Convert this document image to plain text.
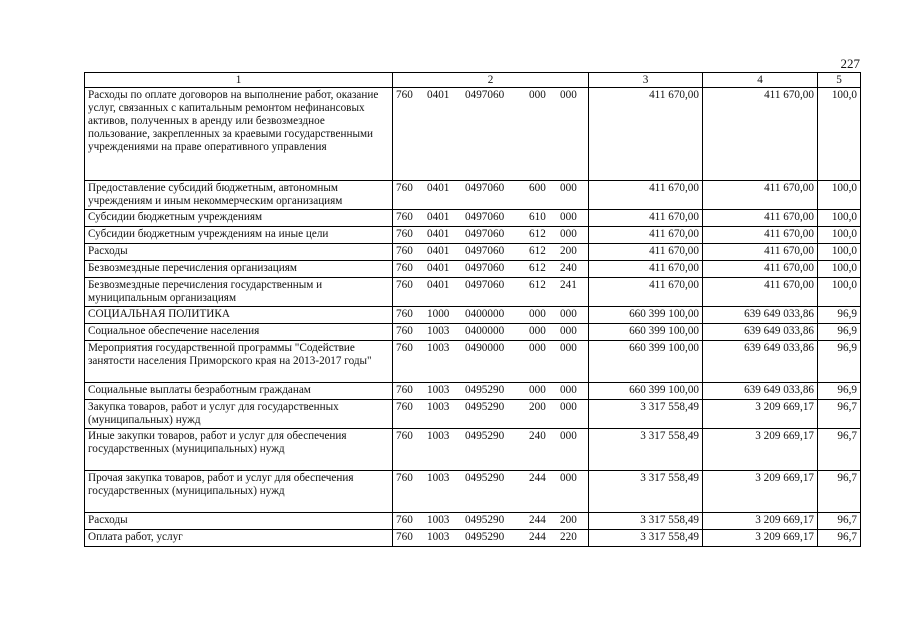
227
1	2	3	4	5
Расходы по оплате договоров на выполнение работ, оказание услуг, связанных с капитальным ремонтом нефинансовых активов, полученных в аренду или безвозмездное пользование, закрепленных за краевыми государственными учреждениями на праве оперативного управления	760 0401 0497060 000 000	411 670,00	411 670,00	100,0
Предоставление субсидий бюджетным, автономным учреждениям и иным некоммерческим организациям	760 0401 0497060 600 000	411 670,00	411 670,00	100,0
Субсидии бюджетным учреждениям	760 0401 0497060 610 000	411 670,00	411 670,00	100,0
Субсидии бюджетным учреждениям на иные цели	760 0401 0497060 612 000	411 670,00	411 670,00	100,0
Расходы	760 0401 0497060 612 200	411 670,00	411 670,00	100,0
Безвозмездные перечисления организациям	760 0401 0497060 612 240	411 670,00	411 670,00	100,0
Безвозмездные перечисления государственным и муниципальным организациям	760 0401 0497060 612 241	411 670,00	411 670,00	100,0
СОЦИАЛЬНАЯ ПОЛИТИКА	760 1000 0400000 000 000	660 399 100,00	639 649 033,86	96,9
Социальное обеспечение населения	760 1003 0400000 000 000	660 399 100,00	639 649 033,86	96,9
Мероприятия государственной программы "Содействие занятости населения Приморского края на 2013-2017 годы"	760 1003 0490000 000 000	660 399 100,00	639 649 033,86	96,9
Социальные выплаты безработным гражданам	760 1003 0495290 000 000	660 399 100,00	639 649 033,86	96,9
Закупка товаров, работ и услуг для государственных (муниципальных) нужд	760 1003 0495290 200 000	3 317 558,49	3 209 669,17	96,7
Иные закупки товаров, работ и услуг для обеспечения государственных (муниципальных) нужд	760 1003 0495290 240 000	3 317 558,49	3 209 669,17	96,7
Прочая закупка товаров, работ и услуг для обеспечения государственных (муниципальных) нужд	760 1003 0495290 244 000	3 317 558,49	3 209 669,17	96,7
Расходы	760 1003 0495290 244 200	3 317 558,49	3 209 669,17	96,7
Оплата работ, услуг	760 1003 0495290 244 220	3 317 558,49	3 209 669,17	96,7
